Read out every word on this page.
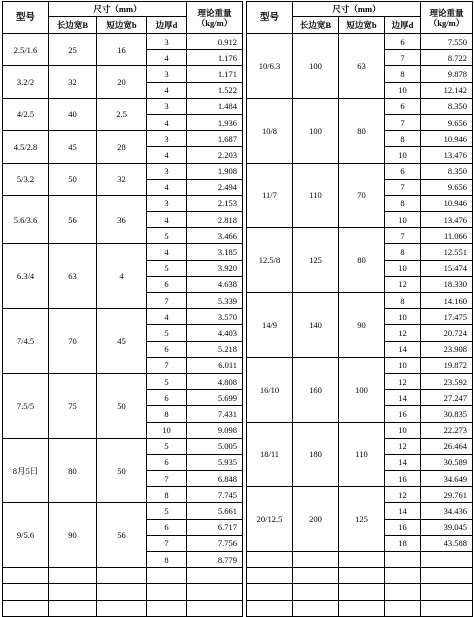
型号	尺寸（mm）			理论重量（kg/m）
	长边宽B	短边宽b	边厚d	
2.5/1.6	25	16	3	0.912
			4	1.176
3.2/2	32	20	3	1.171
			4	1.522
4/2.5	40	2.5	3	1.484
			4	1.936
4.5/2.8	45	28	3	1.687
			4	2.203
5/3.2	50	32	3	1.908
			4	2.494
5.6/3.6	56	36	3	2.153
			4	2.818
			5	3.466
6.3/4	63	4	4	3.185
			5	3.920
			6	4.638
			7	5.339
7/4.5	70	45	4	3.570
			5	4.403
			6	5.218
			7	6.011
7.5/5	75	50	5	4.808
			6	5.699
			8	7.431
			10	9.098
8月5日	80	50	5	5.005
			6	5.935
			7	6.848
			8	7.745
9/5.6	90	56	5	5.661
			6	6.717
			7	7.756
			8	8.779

型号	尺寸（mm）			理论重量（kg/m）
	长边宽B	短边宽b	边厚d	
10/6.3	100	63	6	7.550
			7	8.722
			8	9.878
			10	12.142
10/8	100	80	6	8.350
			7	9.656
			8	10.946
			10	13.476
11/7	110	70	6	8.350
			7	9.656
			8	10.946
			10	13.476
12.5/8	125	80	7	11.066
			8	12.551
			10	15.474
			12	18.330
14/9	140	90	8	14.160
			10	17.475
			12	20.724
			14	23.908
16/10	160	100	10	19.872
			12	23.592
			14	27.247
			16	30.835
18/11	180	110	10	22.273
			12	26.464
			14	30.589
			16	34.649
20/12.5	200	125	12	29.761
			14	34.436
			16	39.045
			18	43.588
